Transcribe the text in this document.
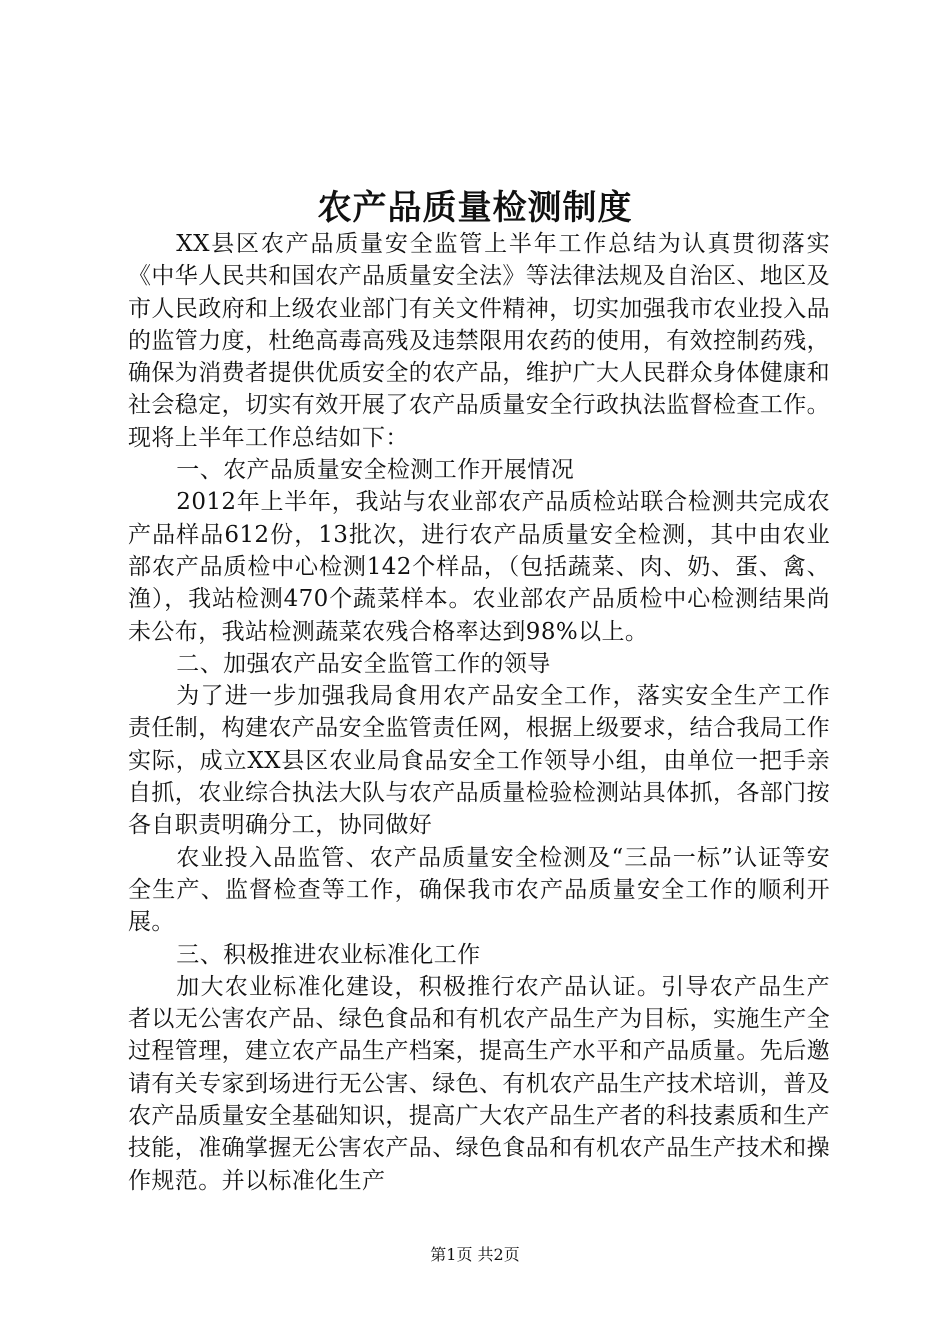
农产品质量检测制度

XX县区农产品质量安全监管上半年工作总结为认真贯彻落实《中华人民共和国农产品质量安全法》等法律法规及自治区、地区及市人民政府和上级农业部门有关文件精神，切实加强我市农业投入品的监管力度，杜绝高毒高残及违禁限用农药的使用，有效控制药残，确保为消费者提供优质安全的农产品，维护广大人民群众身体健康和社会稳定，切实有效开展了农产品质量安全行政执法监督检查工作。现将上半年工作总结如下：

一、农产品质量安全检测工作开展情况

2012年上半年，我站与农业部农产品质检站联合检测共完成农产品样品612份，13批次，进行农产品质量安全检测，其中由农业部农产品质检中心检测142个样品，（包括蔬菜、肉、奶、蛋、禽、渔），我站检测470个蔬菜样本。农业部农产品质检中心检测结果尚未公布，我站检测蔬菜农残合格率达到98%以上。

二、加强农产品安全监管工作的领导

为了进一步加强我局食用农产品安全工作，落实安全生产工作责任制，构建农产品安全监管责任网，根据上级要求，结合我局工作实际，成立XX县区农业局食品安全工作领导小组，由单位一把手亲自抓，农业综合执法大队与农产品质量检验检测站具体抓，各部门按各自职责明确分工，协同做好

农业投入品监管、农产品质量安全检测及“三品一标”认证等安全生产、监督检查等工作，确保我市农产品质量安全工作的顺利开展。

三、积极推进农业标准化工作

加大农业标准化建设，积极推行农产品认证。引导农产品生产者以无公害农产品、绿色食品和有机农产品生产为目标，实施生产全过程管理，建立农产品生产档案，提高生产水平和产品质量。先后邀请有关专家到场进行无公害、绿色、有机农产品生产技术培训，普及农产品质量安全基础知识，提高广大农产品生产者的科技素质和生产技能，准确掌握无公害农产品、绿色食品和有机农产品生产技术和操作规范。并以标准化生产

第1页 共2页
